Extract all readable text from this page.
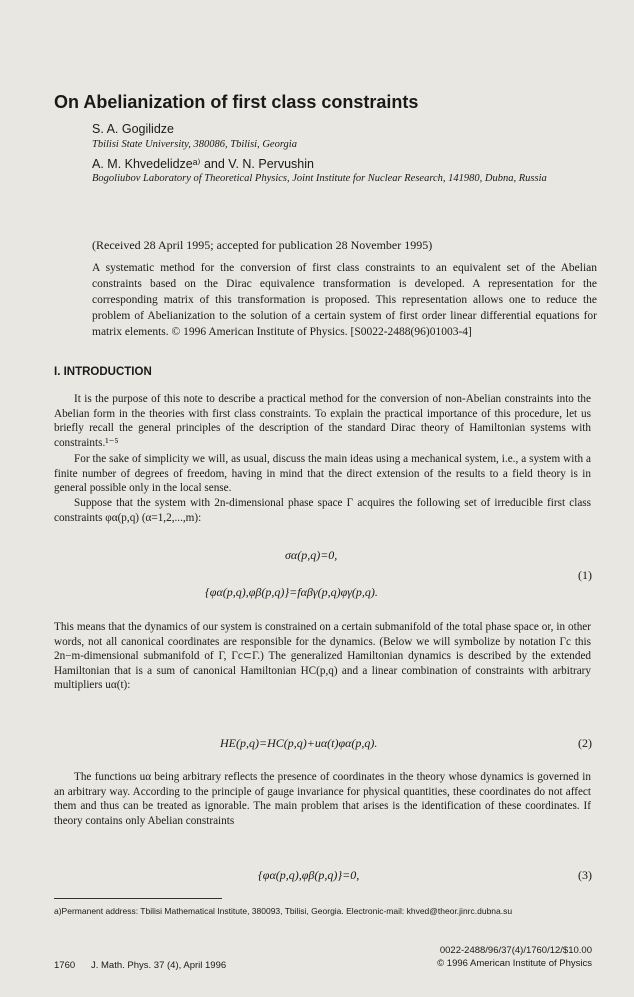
On Abelianization of first class constraints
S. A. Gogilidze
Tbilisi State University, 380086, Tbilisi, Georgia
A. M. Khvedelidzeᵃ⁾ and V. N. Pervushin
Bogoliubov Laboratory of Theoretical Physics, Joint Institute for Nuclear Research, 141980, Dubna, Russia
(Received 28 April 1995; accepted for publication 28 November 1995)
A systematic method for the conversion of first class constraints to an equivalent set of the Abelian constraints based on the Dirac equivalence transformation is developed. A representation for the corresponding matrix of this transformation is proposed. This representation allows one to reduce the problem of Abelianization to the solution of a certain system of first order linear differential equations for matrix elements. © 1996 American Institute of Physics. [S0022-2488(96)01003-4]
I. INTRODUCTION

It is the purpose of this note to describe a practical method for the conversion of non-Abelian constraints into the Abelian form in the theories with first class constraints. To explain the practical importance of this procedure, let us briefly recall the general principles of the description of the standard Dirac theory of Hamiltonian systems with constraints.¹⁻⁵

For the sake of simplicity we will, as usual, discuss the main ideas using a mechanical system, i.e., a system with a finite number of degrees of freedom, having in mind that the direct extension of the results to a field theory is in general possible only in the local sense.

Suppose that the system with 2n-dimensional phase space Γ acquires the following set of irreducible first class constraints φα(p,q) (α=1,2,...,m):

σα(p,q)=0,
{φα(p,q),φβ(p,q)}=fαβγ(p,q)φγ(p,q).
(1)

This means that the dynamics of our system is constrained on a certain submanifold of the total phase space or, in other words, not all canonical coordinates are responsible for the dynamics. (Below we will symbolize by notation Γc this 2n−m-dimensional submanifold of Γ, Γc⊂Γ.) The generalized Hamiltonian dynamics is described by the extended Hamiltonian that is a sum of canonical Hamiltonian HC(p,q) and a linear combination of constraints with arbitrary multipliers uα(t):

HE(p,q)=HC(p,q)+uα(t)φα(p,q).	(2)

The functions uα being arbitrary reflects the presence of coordinates in the theory whose dynamics is governed in an arbitrary way. According to the principle of gauge invariance for physical quantities, these coordinates do not affect them and thus can be treated as ignorable. The main problem that arises is the identification of these coordinates. If theory contains only Abelian constraints

{φα(p,q),φβ(p,q)}=0,	(3)
a)Permanent address: Tbilisi Mathematical Institute, 380093, Tbilisi, Georgia. Electronic-mail: khved@theor.jinrc.dubna.su
1760      J. Math. Phys. 37 (4), April 1996
0022-2488/96/37(4)/1760/12/$10.00
© 1996 American Institute of Physics
